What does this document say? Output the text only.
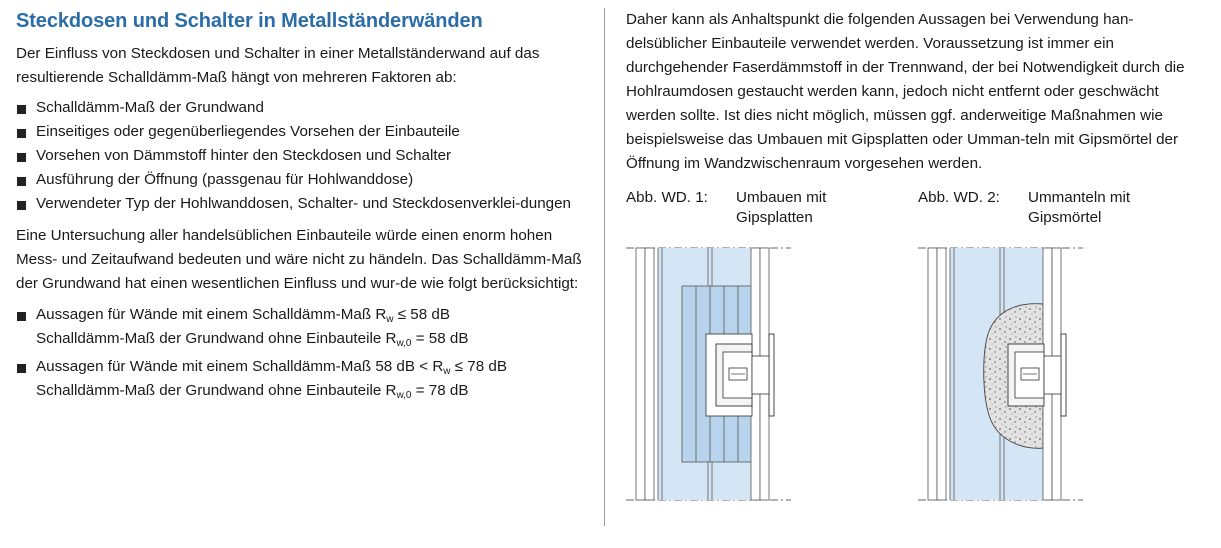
Steckdosen und Schalter in Metallständerwänden

Der Einfluss von Steckdosen und Schalter in einer Metallständerwand auf das resultierende Schalldämm-Maß hängt von mehreren Faktoren ab:

Schalldämm-Maß der Grundwand
Einseitiges oder gegenüberliegendes Vorsehen der Einbauteile
Vorsehen von Dämmstoff hinter den Steckdosen und Schalter
Ausführung der Öffnung (passgenau für Hohlwanddose)
Verwendeter Typ der Hohlwanddosen, Schalter- und Steckdosenverklei-dungen

Eine Untersuchung aller handelsüblichen Einbauteile würde einen enorm hohen Mess- und Zeitaufwand bedeuten und wäre nicht zu händeln. Das Schalldämm-Maß der Grundwand hat einen wesentlichen Einfluss und wur-de wie folgt berücksichtigt:

Aussagen für Wände mit einem Schalldämm-Maß $R_w \le 58$ dB
Schalldämm-Maß der Grundwand ohne Einbauteile $R_{w,0} = 58$ dB
Aussagen für Wände mit einem Schalldämm-Maß 58 dB < $R_w \le 78$ dB
Schalldämm-Maß der Grundwand ohne Einbauteile $R_{w,0} = 78$ dB

Daher kann als Anhaltspunkt die folgenden Aussagen bei Verwendung han-delsüblicher Einbauteile verwendet werden. Voraussetzung ist immer ein durchgehender Faserdämmstoff in der Trennwand, der bei Notwendigkeit durch die Hohlraumdosen gestaucht werden kann, jedoch nicht entfernt oder geschwächt werden sollte. Ist dies nicht möglich, müssen ggf. anderweitige Maßnahmen wie beispielsweise das Umbauen mit Gipsplatten oder Umman-teln mit Gipsmörtel der Öffnung im Wandzwischenraum vorgesehen werden.

Abb. WD. 1:	Umbauen mit Gipsplatten
Abb. WD. 2:	Ummanteln mit Gipsmörtel
